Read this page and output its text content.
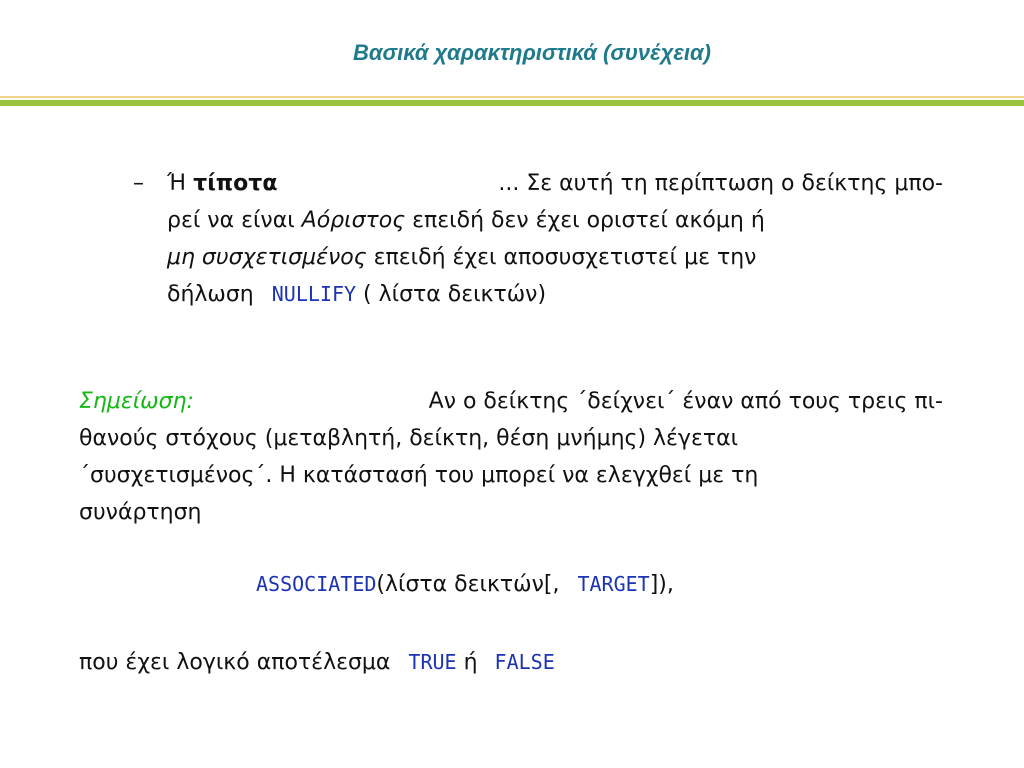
Βασικά χαρακτηριστικά (συνέχεια)
– Ή τίποτα	... Σε αυτή τη περίπτωση ο δείκτης μπο-
ρεί να είναι Αόριστος επειδή δεν έχει οριστεί ακόμη ή
μη συσχετισμένος επειδή έχει αποσυσχετιστεί με την
δήλωση NULLIFY ( λίστα δεικτών)
Σημείωση:	Αν ο δείκτης ΄δείχνει΄ έναν από τους τρεις πι-
θανούς στόχους (μεταβλητή, δείκτη, θέση μνήμης) λέγεται
΄συσχετισμένος΄. Η κατάστασή του μπορεί να ελεγχθεί με τη
συνάρτηση
ASSOCIATED(λίστα δεικτών[, TARGET]),
που έχει λογικό αποτέλεσμα TRUE ή FALSE
